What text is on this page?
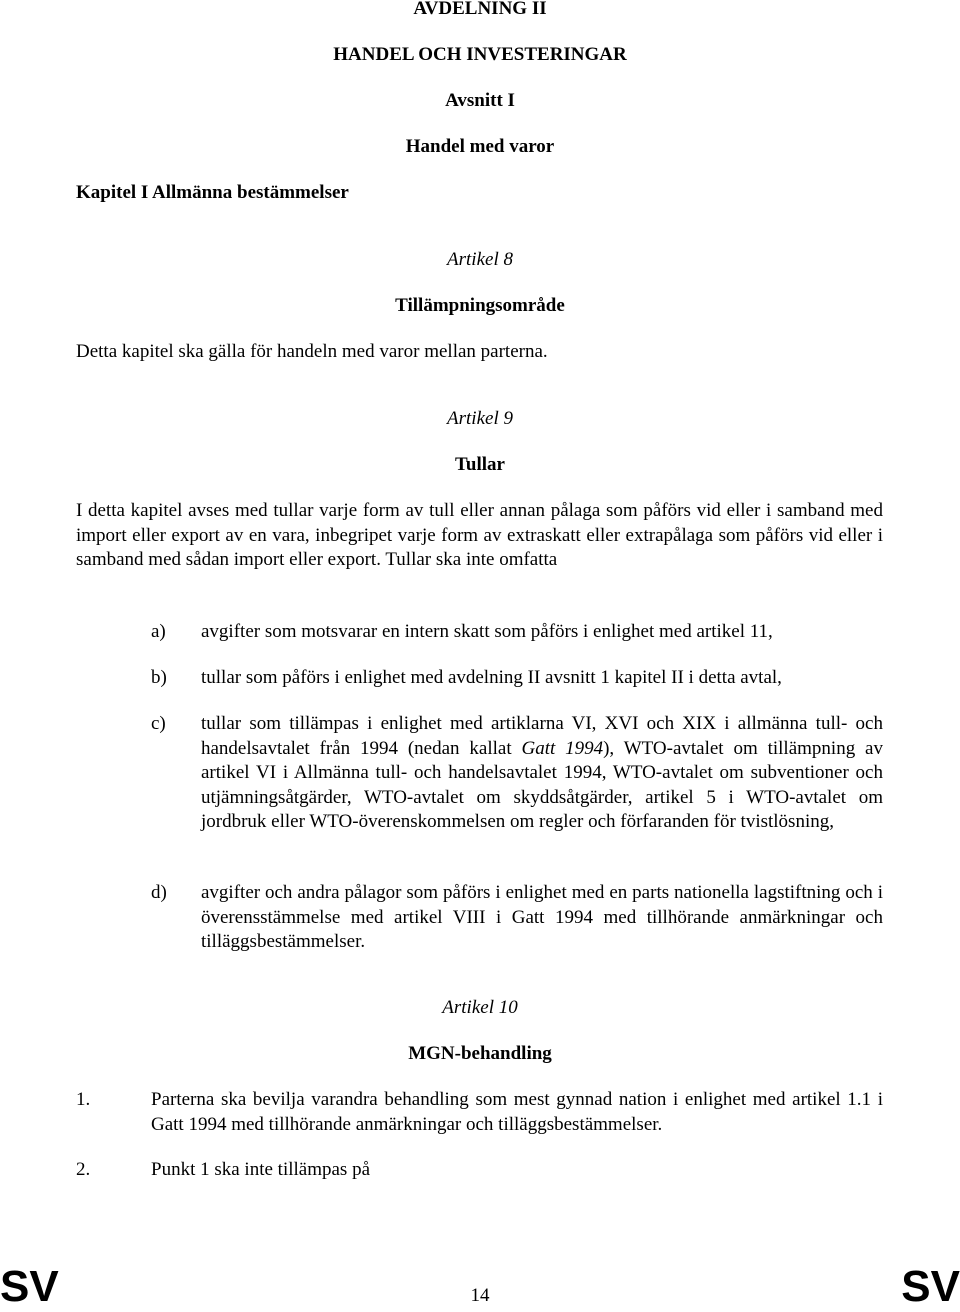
AVDELNING II
HANDEL OCH INVESTERINGAR
Avsnitt I
Handel med varor
Kapitel I Allmänna bestämmelser
Artikel 8
Tillämpningsområde
Detta kapitel ska gälla för handeln med varor mellan parterna.
Artikel 9
Tullar
I detta kapitel avses med tullar varje form av tull eller annan pålaga som påförs vid eller i samband med import eller export av en vara, inbegripet varje form av extraskatt eller extrapålaga som påförs vid eller i samband med sådan import eller export. Tullar ska inte omfatta
a) avgifter som motsvarar en intern skatt som påförs i enlighet med artikel 11,
b) tullar som påförs i enlighet med avdelning II avsnitt 1 kapitel II i detta avtal,
c) tullar som tillämpas i enlighet med artiklarna VI, XVI och XIX i allmänna tull- och handelsavtalet från 1994 (nedan kallat Gatt 1994), WTO-avtalet om tillämpning av artikel VI i Allmänna tull- och handelsavtalet 1994, WTO-avtalet om subventioner och utjämningsåtgärder, WTO-avtalet om skyddsåtgärder, artikel 5 i WTO-avtalet om jordbruk eller WTO-överenskommelsen om regler och förfaranden för tvistlösning,
d) avgifter och andra pålagor som påförs i enlighet med en parts nationella lagstiftning och i överensstämmelse med artikel VIII i Gatt 1994 med tillhörande anmärkningar och tilläggsbestämmelser.
Artikel 10
MGN-behandling
1.	Parterna ska bevilja varandra behandling som mest gynnad nation i enlighet med artikel 1.1 i Gatt 1994 med tillhörande anmärkningar och tilläggsbestämmelser.
2.	Punkt 1 ska inte tillämpas på
SV	14	SV
